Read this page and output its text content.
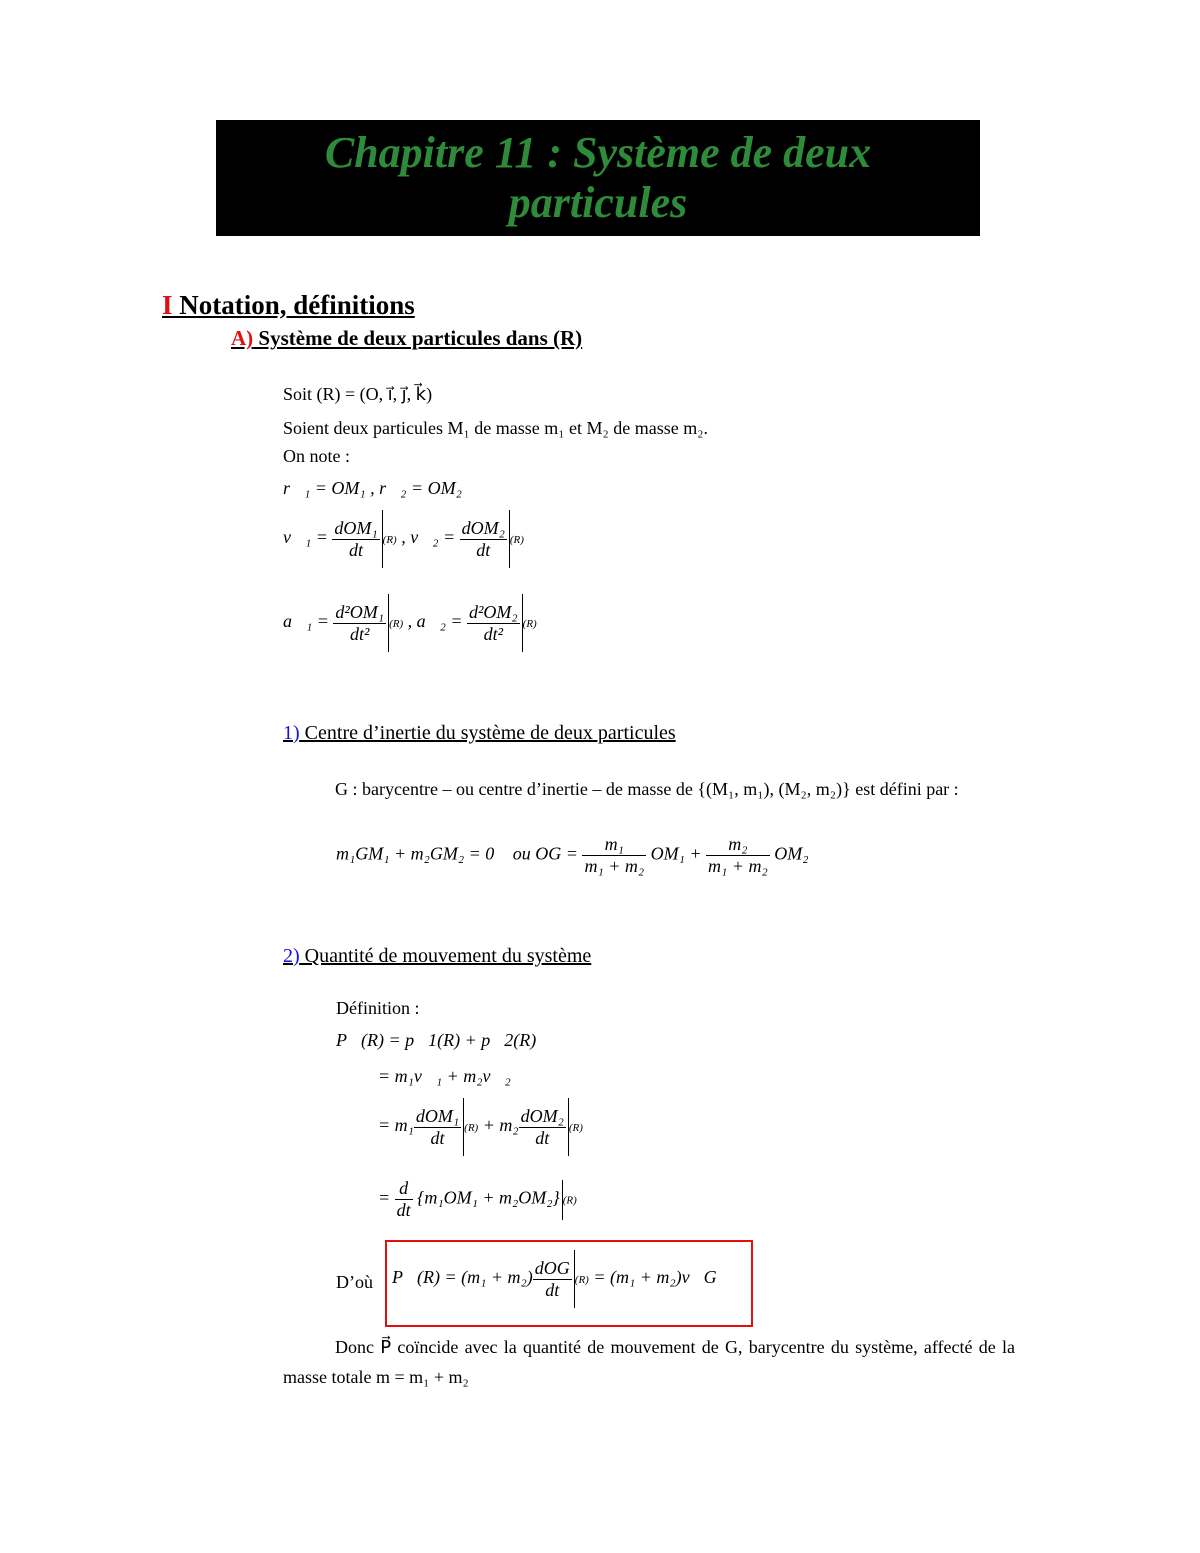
Chapitre 11 : Système de deux
particules
I Notation, définitions
A) Système de deux particules dans (R)
Soit (R) = (O, i⃗, j⃗, k⃗)
Soient deux particules M₁ de masse m₁ et M₂ de masse m₂.
On note :
r⃗₁ = OM₁ , r⃗₂ = OM₂
v⃗₁ = $\frac{\text{dOM₁}}{dt} (R)$ , v⃗₂ = $\frac{\text{dOM₂}}{dt} (R)$
a⃗₁ = $\frac{\text{d²OM₁}}{\text{dt²}} (R)$ , a⃗₂ = $\frac{\text{d²OM₂}}{\text{dt²}} (R)$
1) Centre d’inertie du système de deux particules
G : barycentre – ou centre d’inertie – de masse de {(M₁, m₁), (M₂, m₂)} est défini par :
m₁GM₁ + m₂GM₂ = 0⃗ ou OG = $\frac{\text{m₁}}{\text{m₁ + m₂}} OM_1 + \frac{\text{m₂}}{\text{m₁ + m₂}} OM_2$
2) Quantité de mouvement du système
Définition :
P⃗(R) = p⃗1(R) + p⃗2(R)
= m₁v⃗₁ + m₂v⃗₂
= $m_1 \frac{\text{dOM₁}}{dt} (R) + m_2 \frac{\text{dOM₂}}{dt} (R)$
= $\frac{d}{dt} \{m_1OM_1 + m_2OM_2\}$ (R)
D’où P⃗(R) = $(m_1 + m_2) \frac{\text{dOG}}{dt} (R) = (m_1$ + m₂)v⃗G
Donc P⃗ coïncide avec la quantité de mouvement de G, barycentre du système, affecté de la masse totale m = m₁ + m₂
